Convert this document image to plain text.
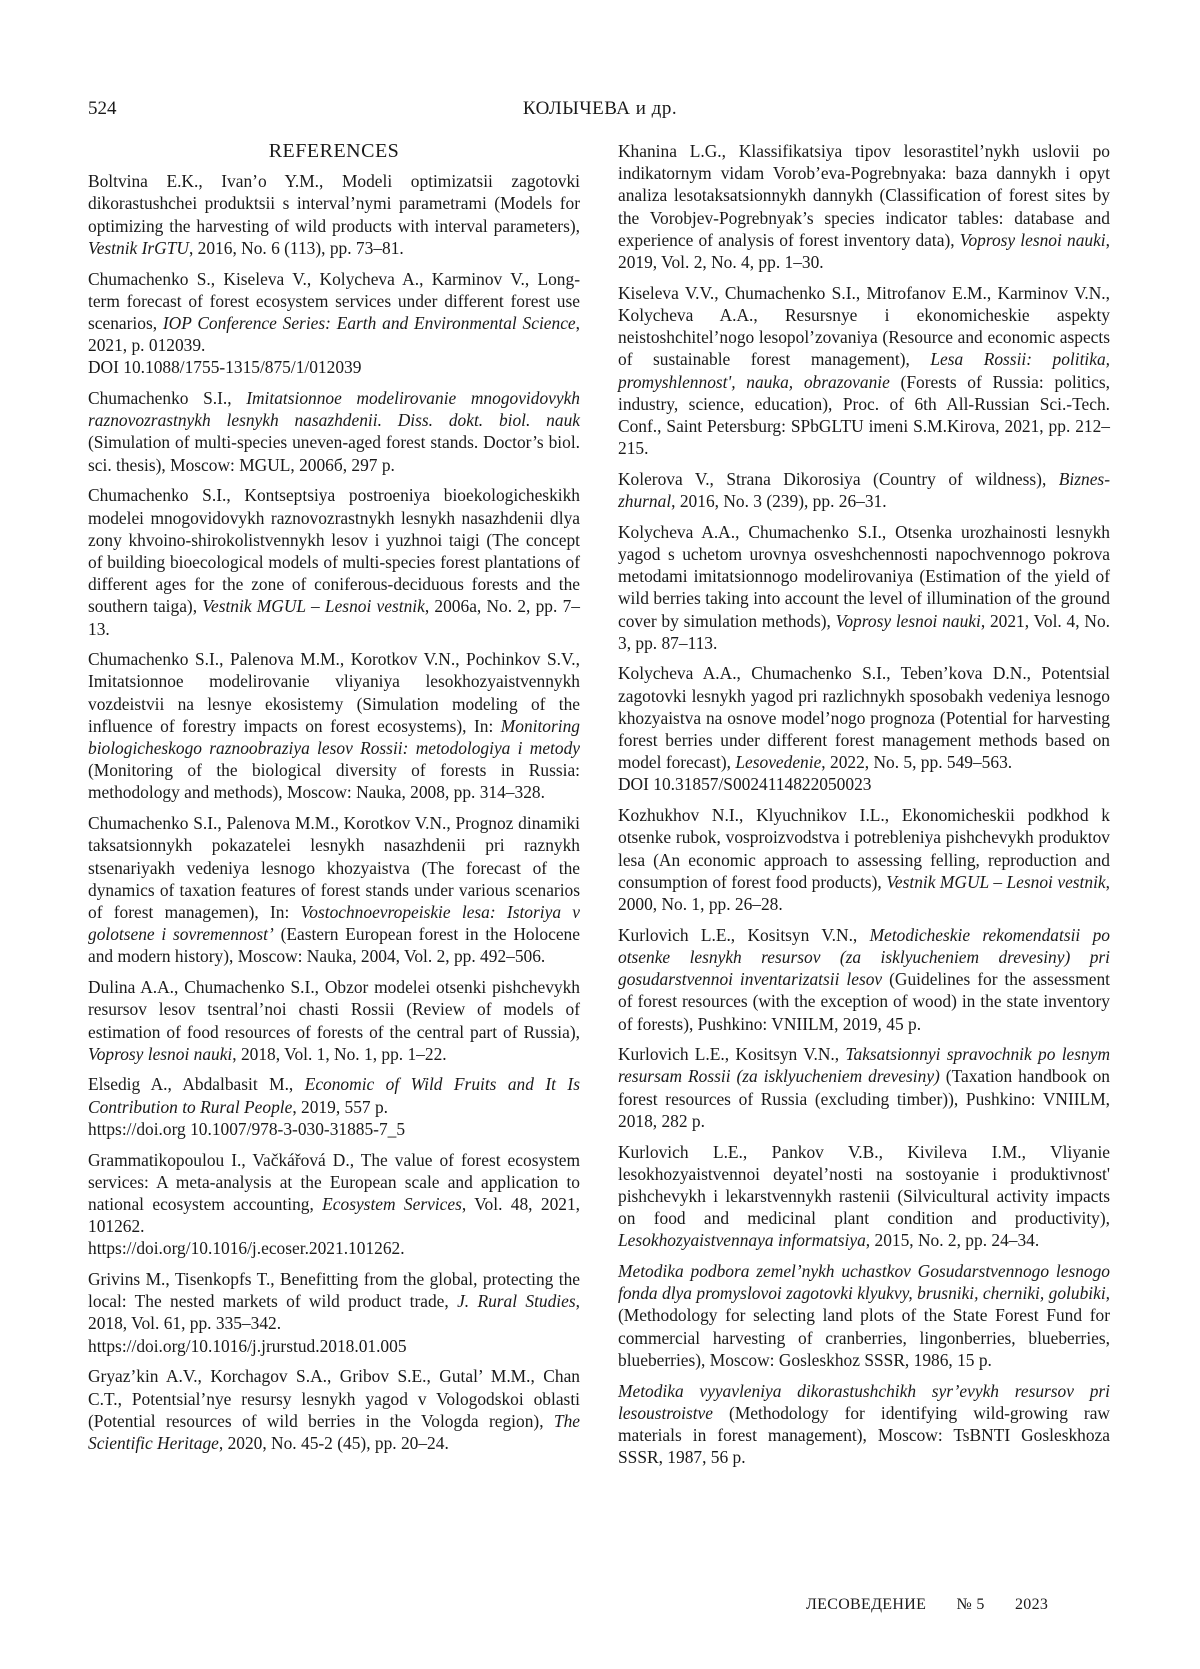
524	КОЛЫЧЕВА и др.
REFERENCES
Boltvina E.K., Ivan’o Y.M., Modeli optimizatsii zagotovki dikorastushchei produktsii s interval’nymi parametrami (Models for optimizing the harvesting of wild products with interval parameters), Vestnik IrGTU, 2016, No. 6 (113), pp. 73–81.
Chumachenko S., Kiseleva V., Kolycheva A., Karminov V., Long-term forecast of forest ecosystem services under different forest use scenarios, IOP Conference Series: Earth and Environmental Science, 2021, p. 012039.
DOI 10.1088/1755-1315/875/1/012039
Chumachenko S.I., Imitatsionnoe modelirovanie mnogovidovykh raznovozrastnykh lesnykh nasazhdenii. Diss. dokt. biol. nauk (Simulation of multi-species uneven-aged forest stands. Doctor’s biol. sci. thesis), Moscow: MGUL, 2006б, 297 p.
Chumachenko S.I., Kontseptsiya postroeniya bioekologicheskikh modelei mnogovidovykh raznovozrastnykh lesnykh nasazhdenii dlya zony khvoino-shirokolistvennykh lesov i yuzhnoi taigi (The concept of building bioecological models of multi-species forest plantations of different ages for the zone of coniferous-deciduous forests and the southern taiga), Vestnik MGUL – Lesnoi vestnik, 2006a, No. 2, pp. 7–13.
Chumachenko S.I., Palenova M.M., Korotkov V.N., Pochinkov S.V., Imitatsionnoe modelirovanie vliyaniya lesokhozyaistvennykh vozdeistvii na lesnye ekosistemy (Simulation modeling of the influence of forestry impacts on forest ecosystems), In: Monitoring biologicheskogo raznoobraziya lesov Rossii: metodologiya i metody (Monitoring of the biological diversity of forests in Russia: methodology and methods), Moscow: Nauka, 2008, pp. 314–328.
Chumachenko S.I., Palenova M.M., Korotkov V.N., Prognoz dinamiki taksatsionnykh pokazatelei lesnykh nasazhdenii pri raznykh stsenariyakh vedeniya lesnogo khozyaistva (The forecast of the dynamics of taxation features of forest stands under various scenarios of forest managemen), In: Vostochnoevropeiskie lesa: Istoriya v golotsene i sovremennost’ (Eastern European forest in the Holocene and modern history), Moscow: Nauka, 2004, Vol. 2, pp. 492–506.
Dulina A.A., Chumachenko S.I., Obzor modelei otsenki pishchevykh resursov lesov tsentral’noi chasti Rossii (Review of models of estimation of food resources of forests of the central part of Russia), Voprosy lesnoi nauki, 2018, Vol. 1, No. 1, pp. 1–22.
Elsedig A., Abdalbasit M., Economic of Wild Fruits and It Is Contribution to Rural People, 2019, 557 p.
https://doi.org 10.1007/978-3-030-31885-7_5
Grammatikopoulou I., Vačkářová D., The value of forest ecosystem services: A meta-analysis at the European scale and application to national ecosystem accounting, Ecosystem Services, Vol. 48, 2021, 101262.
https://doi.org/10.1016/j.ecoser.2021.101262.
Grivins M., Tisenkopfs T., Benefitting from the global, protecting the local: The nested markets of wild product trade, J. Rural Studies, 2018, Vol. 61, pp. 335–342.
https://doi.org/10.1016/j.jrurstud.2018.01.005
Gryaz’kin A.V., Korchagov S.A., Gribov S.E., Gutal’ M.M., Chan C.T., Potentsial’nye resursy lesnykh yagod v Vologodskoi oblasti (Potential resources of wild berries in the Vologda region), The Scientific Heritage, 2020, No. 45-2 (45), pp. 20–24.
Khanina L.G., Klassifikatsiya tipov lesorastitel’nykh uslovii po indikatornym vidam Vorob’eva-Pogrebnyaka: baza dannykh i opyt analiza lesotaksatsionnykh dannykh (Classification of forest sites by the Vorobjev-Pogrebnyak’s species indicator tables: database and experience of analysis of forest inventory data), Voprosy lesnoi nauki, 2019, Vol. 2, No. 4, pp. 1–30.
Kiseleva V.V., Chumachenko S.I., Mitrofanov E.M., Karminov V.N., Kolycheva A.A., Resursnye i ekonomicheskie aspekty neistoshchitel’nogo lesopol’zovaniya (Resource and economic aspects of sustainable forest management), Lesa Rossii: politika, promyshlennost', nauka, obrazovanie (Forests of Russia: politics, industry, science, education), Proc. of 6th All-Russian Sci.-Tech. Conf., Saint Petersburg: SPbGLTU imeni S.M.Kirova, 2021, pp. 212–215.
Kolerova V., Strana Dikorosiya (Country of wildness), Biznes-zhurnal, 2016, No. 3 (239), pp. 26–31.
Kolycheva A.A., Chumachenko S.I., Otsenka urozhainosti lesnykh yagod s uchetom urovnya osveshchennosti napochvennogo pokrova metodami imitatsionnogo modelirovaniya (Estimation of the yield of wild berries taking into account the level of illumination of the ground cover by simulation methods), Voprosy lesnoi nauki, 2021, Vol. 4, No. 3, pp. 87–113.
Kolycheva A.A., Chumachenko S.I., Teben’kova D.N., Potentsial zagotovki lesnykh yagod pri razlichnykh sposobakh vedeniya lesnogo khozyaistva na osnove model’nogo prognoza (Potential for harvesting forest berries under different forest management methods based on model forecast), Lesovedenie, 2022, No. 5, pp. 549–563.
DOI 10.31857/S0024114822050023
Kozhukhov N.I., Klyuchnikov I.L., Ekonomicheskii podkhod k otsenke rubok, vosproizvodstva i potrebleniya pishchevykh produktov lesa (An economic approach to assessing felling, reproduction and consumption of forest food products), Vestnik MGUL – Lesnoi vestnik, 2000, No. 1, pp. 26–28.
Kurlovich L.E., Kositsyn V.N., Metodicheskie rekomendatsii po otsenke lesnykh resursov (za isklyucheniem drevesiny) pri gosudarstvennoi inventarizatsii lesov (Guidelines for the assessment of forest resources (with the exception of wood) in the state inventory of forests), Pushkino: VNIILM, 2019, 45 p.
Kurlovich L.E., Kositsyn V.N., Taksatsionnyi spravochnik po lesnym resursam Rossii (za isklyucheniem drevesiny) (Taxation handbook on forest resources of Russia (excluding timber)), Pushkino: VNIILM, 2018, 282 p.
Kurlovich L.E., Pankov V.B., Kivileva I.M., Vliyanie lesokhozyaistvennoi deyatel’nosti na sostoyanie i produktivnost' pishchevykh i lekarstvennykh rastenii (Silvicultural activity impacts on food and medicinal plant condition and productivity), Lesokhozyaistvennaya informatsiya, 2015, No. 2, pp. 24–34.
Metodika podbora zemel’nykh uchastkov Gosudarstvennogo lesnogo fonda dlya promyslovoi zagotovki klyukvy, brusniki, cherniki, golubiki, (Methodology for selecting land plots of the State Forest Fund for commercial harvesting of cranberries, lingonberries, blueberries, blueberries), Moscow: Gosleskhoz SSSR, 1986, 15 p.
Metodika vyyavleniya dikorastushchikh syr’evykh resursov pri lesoustroistve (Methodology for identifying wild-growing raw materials in forest management), Moscow: TsBNTI Gosleskhoza SSSR, 1987, 56 p.
ЛЕСОВЕДЕНИЕ № 5 2023
